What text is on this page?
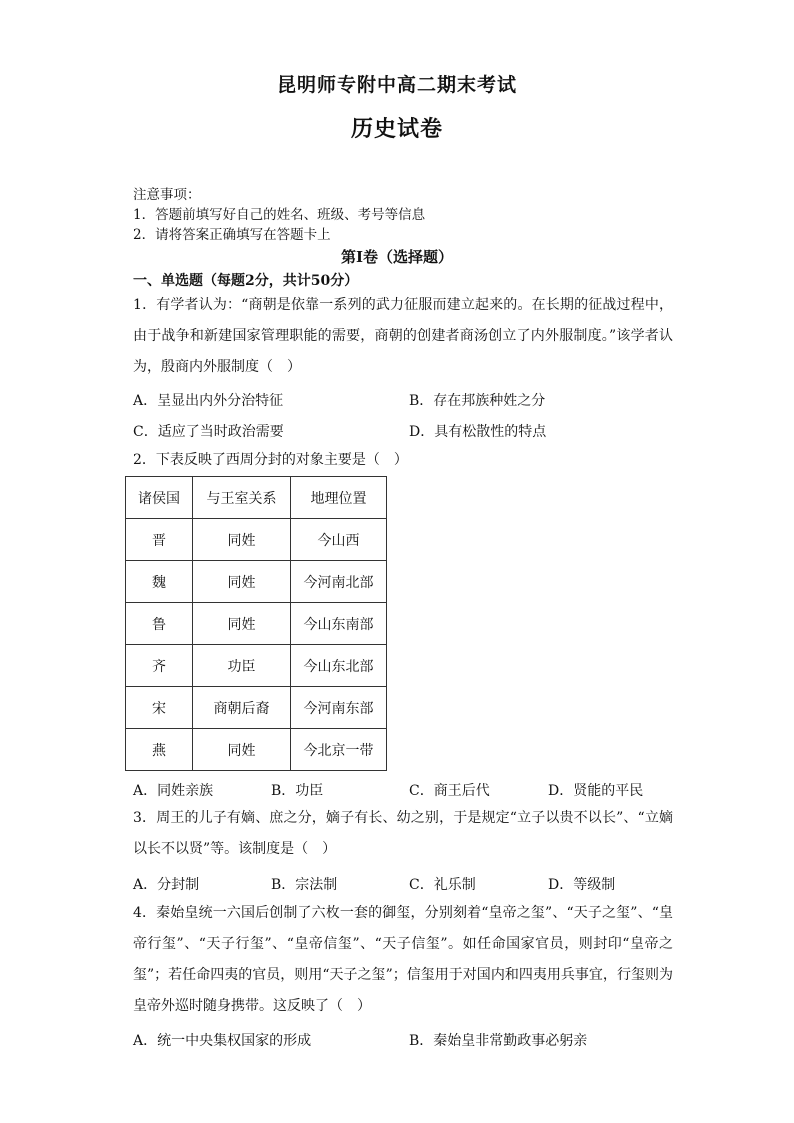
昆明师专附中高二期末考试
历史试卷
注意事项：
1．答题前填写好自己的姓名、班级、考号等信息
2．请将答案正确填写在答题卡上
第I卷（选择题）
一、单选题（每题2分，共计50分）
1．有学者认为：“商朝是依靠一系列的武力征服而建立起来的。在长期的征战过程中，由于战争和新建国家管理职能的需要，商朝的创建者商汤创立了内外服制度。”该学者认为，殷商内外服制度（　）
A．呈显出内外分治特征	B．存在邦族种姓之分
C．适应了当时政治需要	D．具有松散性的特点
2．下表反映了西周分封的对象主要是（　）
诸侯国	与王室关系	地理位置
晋	同姓	今山西
魏	同姓	今河南北部
鲁	同姓	今山东南部
齐	功臣	今山东北部
宋	商朝后裔	今河南东部
燕	同姓	今北京一带
A．同姓亲族	B．功臣	C．商王后代	D．贤能的平民
3．周王的儿子有嫡、庶之分，嫡子有长、幼之别，于是规定“立子以贵不以长”、“立嫡以长不以贤”等。该制度是（　）
A．分封制	B．宗法制	C．礼乐制	D．等级制
4．秦始皇统一六国后创制了六枚一套的御玺，分别刻着“皇帝之玺”、“天子之玺”、“皇帝行玺”、“天子行玺”、“皇帝信玺”、“天子信玺”。如任命国家官员，则封印“皇帝之玺”；若任命四夷的官员，则用“天子之玺”；信玺用于对国内和四夷用兵事宜，行玺则为皇帝外巡时随身携带。这反映了（　）
A．统一中央集权国家的形成	B．秦始皇非常勤政事必躬亲
